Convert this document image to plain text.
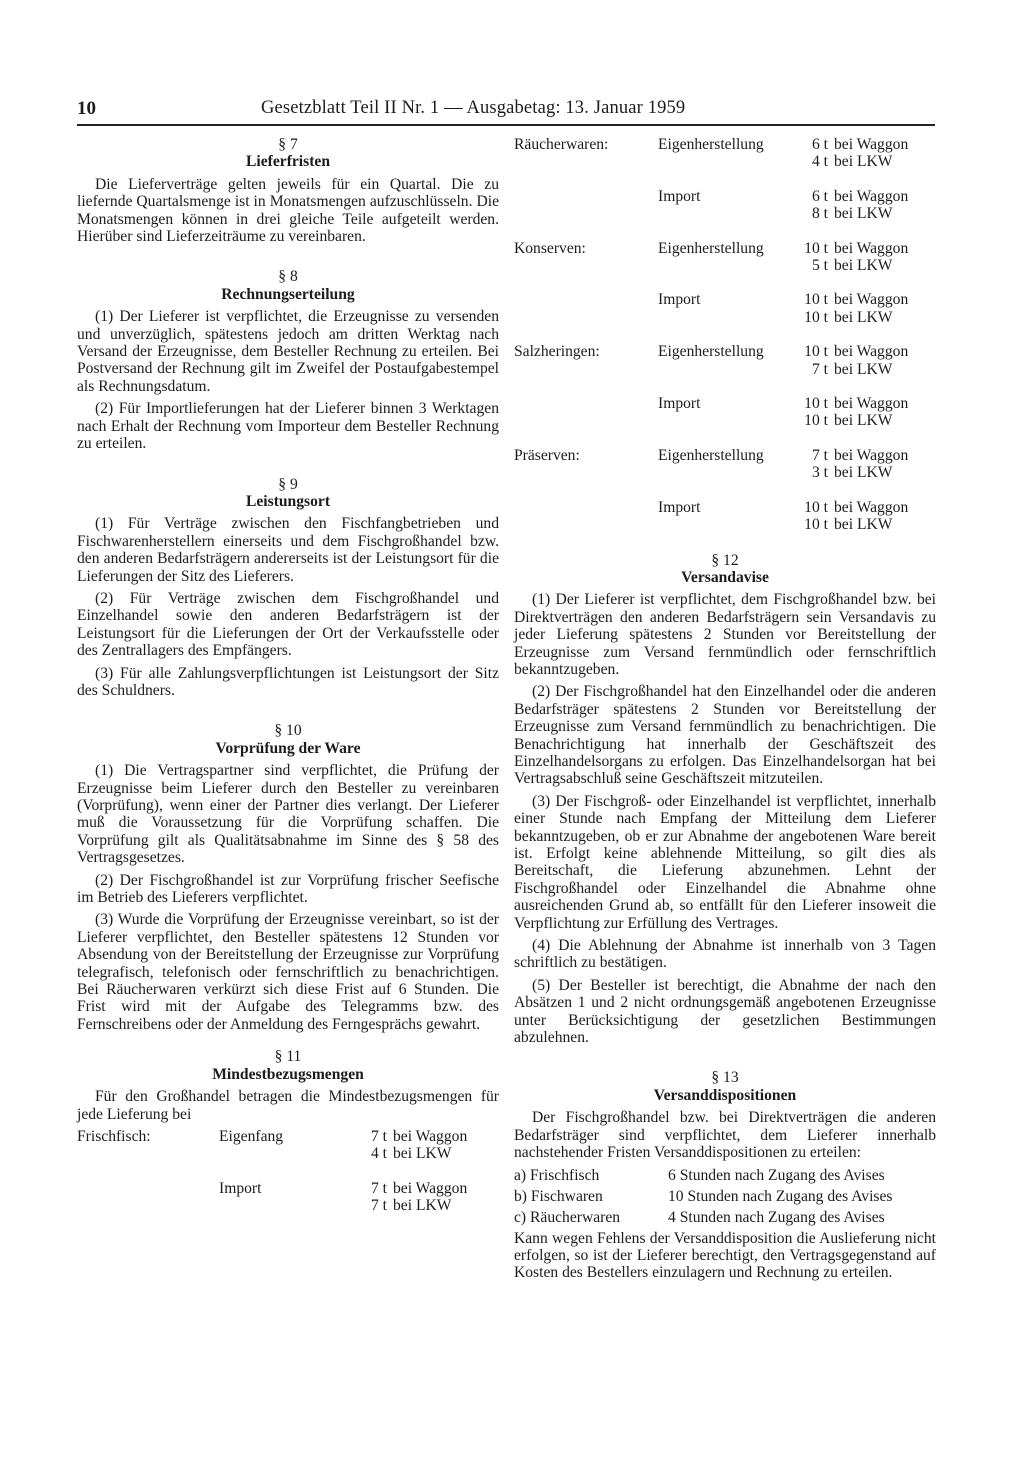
10	Gesetzblatt Teil II Nr. 1 — Ausgabetag: 13. Januar 1959
§ 7
Lieferfristen

Die Lieferverträge gelten jeweils für ein Quartal. Die zu liefernde Quartalsmenge ist in Monatsmengen aufzuschlüsseln. Die Monatsmengen können in drei gleiche Teile aufgeteilt werden. Hierüber sind Lieferzeiträume zu vereinbaren.

§ 8
Rechnungserteilung

(1) Der Lieferer ist verpflichtet, die Erzeugnisse zu versenden und unverzüglich, spätestens jedoch am dritten Werktag nach Versand der Erzeugnisse, dem Besteller Rechnung zu erteilen. Bei Postversand der Rechnung gilt im Zweifel der Postaufgabestempel als Rechnungsdatum.

(2) Für Importlieferungen hat der Lieferer binnen 3 Werktagen nach Erhalt der Rechnung vom Importeur dem Besteller Rechnung zu erteilen.

§ 9
Leistungsort

(1) Für Verträge zwischen den Fischfangbetrieben und Fischwarenherstellern einerseits und dem Fischgroßhandel bzw. den anderen Bedarfsträgern andererseits ist der Leistungsort für die Lieferungen der Sitz des Lieferers.

(2) Für Verträge zwischen dem Fischgroßhandel und Einzelhandel sowie den anderen Bedarfsträgern ist der Leistungsort für die Lieferungen der Ort der Verkaufsstelle oder des Zentrallagers des Empfängers.

(3) Für alle Zahlungsverpflichtungen ist Leistungsort der Sitz des Schuldners.

§ 10
Vorprüfung der Ware

(1) Die Vertragspartner sind verpflichtet, die Prüfung der Erzeugnisse beim Lieferer durch den Besteller zu vereinbaren (Vorprüfung), wenn einer der Partner dies verlangt. Der Lieferer muß die Voraussetzung für die Vorprüfung schaffen. Die Vorprüfung gilt als Qualitätsabnahme im Sinne des § 58 des Vertragsgesetzes.

(2) Der Fischgroßhandel ist zur Vorprüfung frischer Seefische im Betrieb des Lieferers verpflichtet.

(3) Wurde die Vorprüfung der Erzeugnisse vereinbart, so ist der Lieferer verpflichtet, den Besteller spätestens 12 Stunden vor Absendung von der Bereitstellung der Erzeugnisse zur Vorprüfung telegrafisch, telefonisch oder fernschriftlich zu benachrichtigen. Bei Räucherwaren verkürzt sich diese Frist auf 6 Stunden. Die Frist wird mit der Aufgabe des Telegramms bzw. des Fernschreibens oder der Anmeldung des Ferngesprächs gewahrt.

§ 11
Mindestbezugsmengen

Für den Großhandel betragen die Mindestbezugsmengen für jede Lieferung bei

Frischfisch:	Eigenfang	7 t	bei Waggon
		4 t	bei LKW

	Import	7 t	bei Waggon
		7 t	bei LKW
Räucherwaren:	Eigenherstellung	6 t	bei Waggon
		4 t	bei LKW

	Import	6 t	bei Waggon
		8 t	bei LKW

Konserven:	Eigenherstellung	10 t	bei Waggon
		5 t	bei LKW

	Import	10 t	bei Waggon
		10 t	bei LKW

Salzheringen:	Eigenherstellung	10 t	bei Waggon
		7 t	bei LKW

	Import	10 t	bei Waggon
		10 t	bei LKW

Präserven:	Eigenherstellung	7 t	bei Waggon
		3 t	bei LKW

	Import	10 t	bei Waggon
		10 t	bei LKW
§ 12
Versandavise

(1) Der Lieferer ist verpflichtet, dem Fischgroßhandel bzw. bei Direktverträgen den anderen Bedarfsträgern sein Versandavis zu jeder Lieferung spätestens 2 Stunden vor Bereitstellung der Erzeugnisse zum Versand fernmündlich oder fernschriftlich bekanntzugeben.

(2) Der Fischgroßhandel hat den Einzelhandel oder die anderen Bedarfsträger spätestens 2 Stunden vor Bereitstellung der Erzeugnisse zum Versand fernmündlich zu benachrichtigen. Die Benachrichtigung hat innerhalb der Geschäftszeit des Einzelhandelsorgans zu erfolgen. Das Einzelhandelsorgan hat bei Vertragsabschluß seine Geschäftszeit mitzuteilen.

(3) Der Fischgroß- oder Einzelhandel ist verpflichtet, innerhalb einer Stunde nach Empfang der Mitteilung dem Lieferer bekanntzugeben, ob er zur Abnahme der angebotenen Ware bereit ist. Erfolgt keine ablehnende Mitteilung, so gilt dies als Bereitschaft, die Lieferung abzunehmen. Lehnt der Fischgroßhandel oder Einzelhandel die Abnahme ohne ausreichenden Grund ab, so entfällt für den Lieferer insoweit die Verpflichtung zur Erfüllung des Vertrages.

(4) Die Ablehnung der Abnahme ist innerhalb von 3 Tagen schriftlich zu bestätigen.

(5) Der Besteller ist berechtigt, die Abnahme der nach den Absätzen 1 und 2 nicht ordnungsgemäß angebotenen Erzeugnisse unter Berücksichtigung der gesetzlichen Bestimmungen abzulehnen.

§ 13
Versanddispositionen

Der Fischgroßhandel bzw. bei Direktverträgen die anderen Bedarfsträger sind verpflichtet, dem Lieferer innerhalb nachstehender Fristen Versanddispositionen zu erteilen:

a) Frischfisch	6 Stunden nach Zugang des Avises
b) Fischwaren	10 Stunden nach Zugang des Avises
c) Räucherwaren	4 Stunden nach Zugang des Avises

Kann wegen Fehlens der Versanddisposition die Auslieferung nicht erfolgen, so ist der Lieferer berechtigt, den Vertragsgegenstand auf Kosten des Bestellers einzulagern und Rechnung zu erteilen.
